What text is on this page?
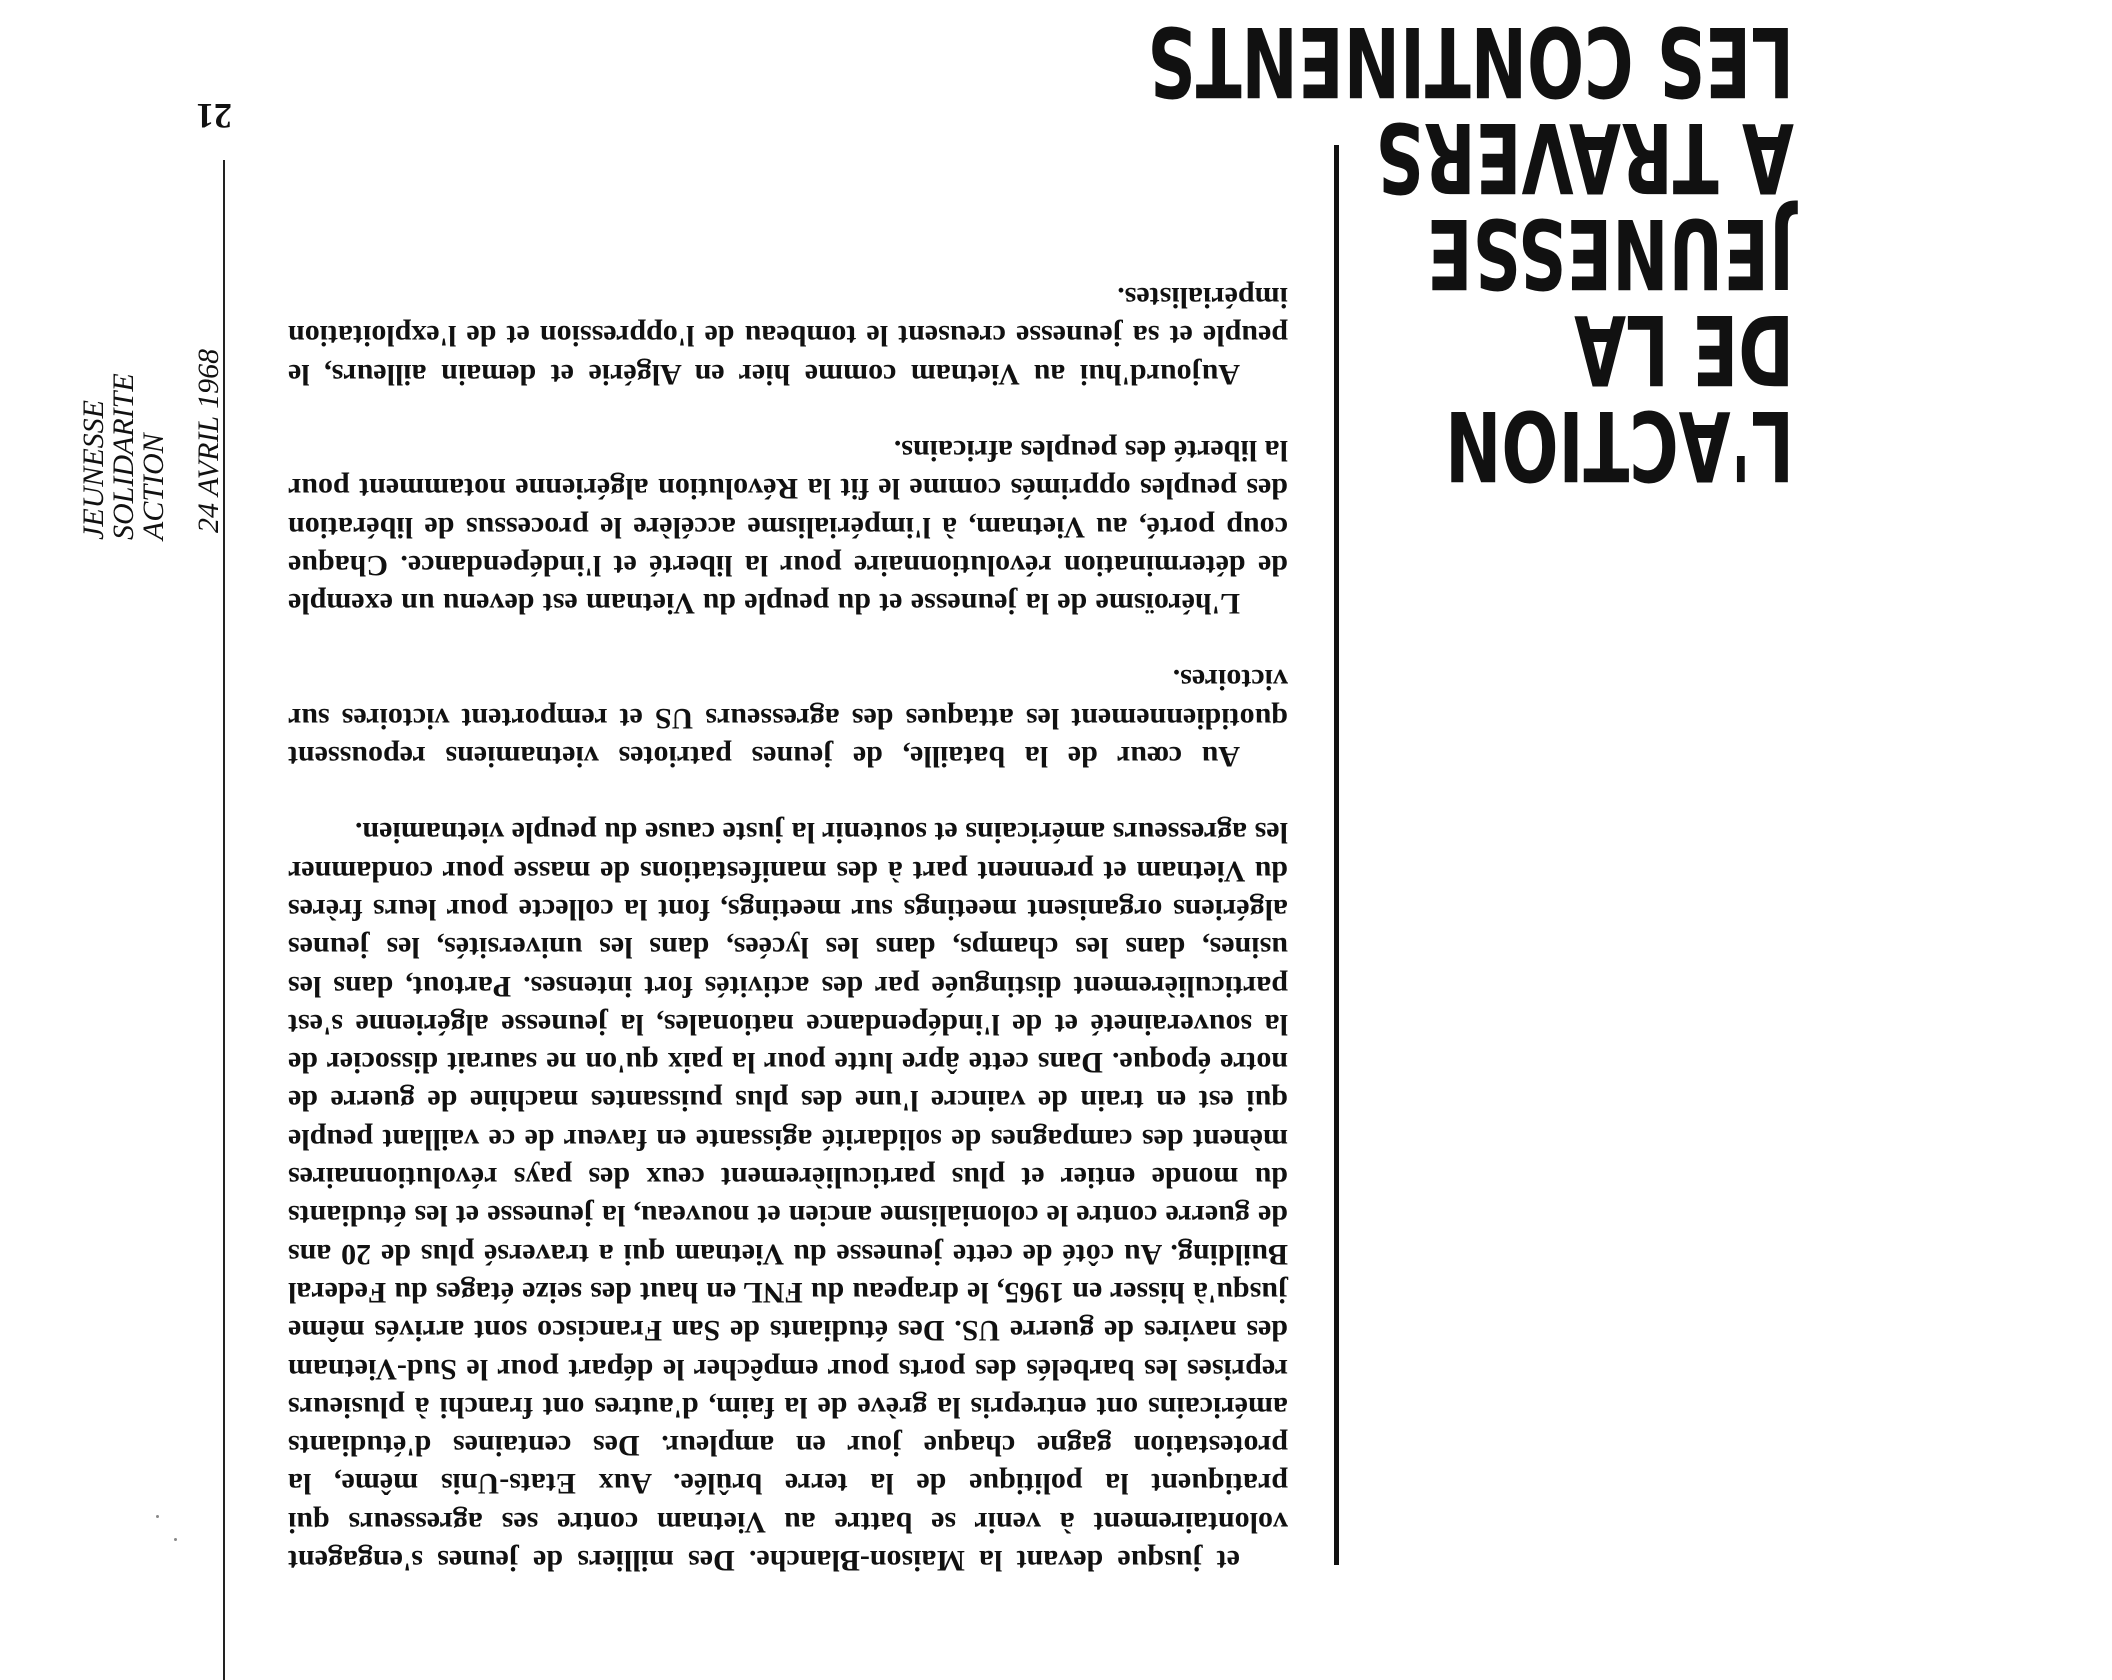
L'ACTION
DE LA
JEUNESSE
A TRAVERS
LES CONTINENTS

et jusque devant la Maison-Blanche. Des milliers de jeunes s'engagent volontairement à venir se battre au Vietnam contre ses agresseurs qui pratiquent la politique de la terre brûlée. Aux Etats-Unis même, la protestation gagne chaque jour en ampleur. Des centaines d'étudiants américains ont entrepris la grève de la faim, d'autres ont franchi à plusieurs reprises les barbelés des ports pour empêcher le départ pour le Sud-Vietnam des navires de guerre US. Des étudiants de San Francisco sont arrivés même jusqu'à hisser en 1965, le drapeau du FNL en haut des seize étages du Federal Building. Au côté de cette jeunesse du Vietnam qui a traversé plus de 20 ans de guerre contre le colonialisme ancien et nouveau, la jeunesse et les étudiants du monde entier et plus particulièrement ceux des pays révolutionnaires mènent des campagnes de solidarité agissante en faveur de ce vaillant peuple qui est en train de vaincre l'une des plus puissantes machine de guerre de notre époque. Dans cette âpre lutte pour la paix qu'on ne saurait dissocier de la souveraineté et de l'indépendance nationales, la jeunesse algérienne s'est particulièrement distinguée par des activités fort intenses. Partout, dans les usines, dans les champs, dans les lycées, dans les universités, les jeunes algériens organisent meetings sur meetings, font la collecte pour leurs frères du Vietnam et prennent part à des manifestations de masse pour condamner les agresseurs américains et soutenir la juste cause du peuple vietnamien.

Au cœur de la bataille, de jeunes patriotes vietnamiens repoussent quotidiennement les attaques des agresseurs US et remportent victoires sur victoires.

L'héroïsme de la jeunesse et du peuple du Vietnam est devenu un exemple de détermination révolutionnaire pour la liberté et l'indépendance. Chaque coup porté, au Vietnam, à l'impérialisme accélère le processus de libération des peuples opprimés comme le fit la Révolution algérienne notamment pour la liberté des peuples africains.

Aujourd'hui au Vietnam comme hier en Algérie et demain ailleurs, le peuple et sa jeunesse creusent le tombeau de l'oppression et de l'exploitation impérialistes.

21
24 AVRIL 1968
JEUNESSE
SOLIDARITE
ACTION
